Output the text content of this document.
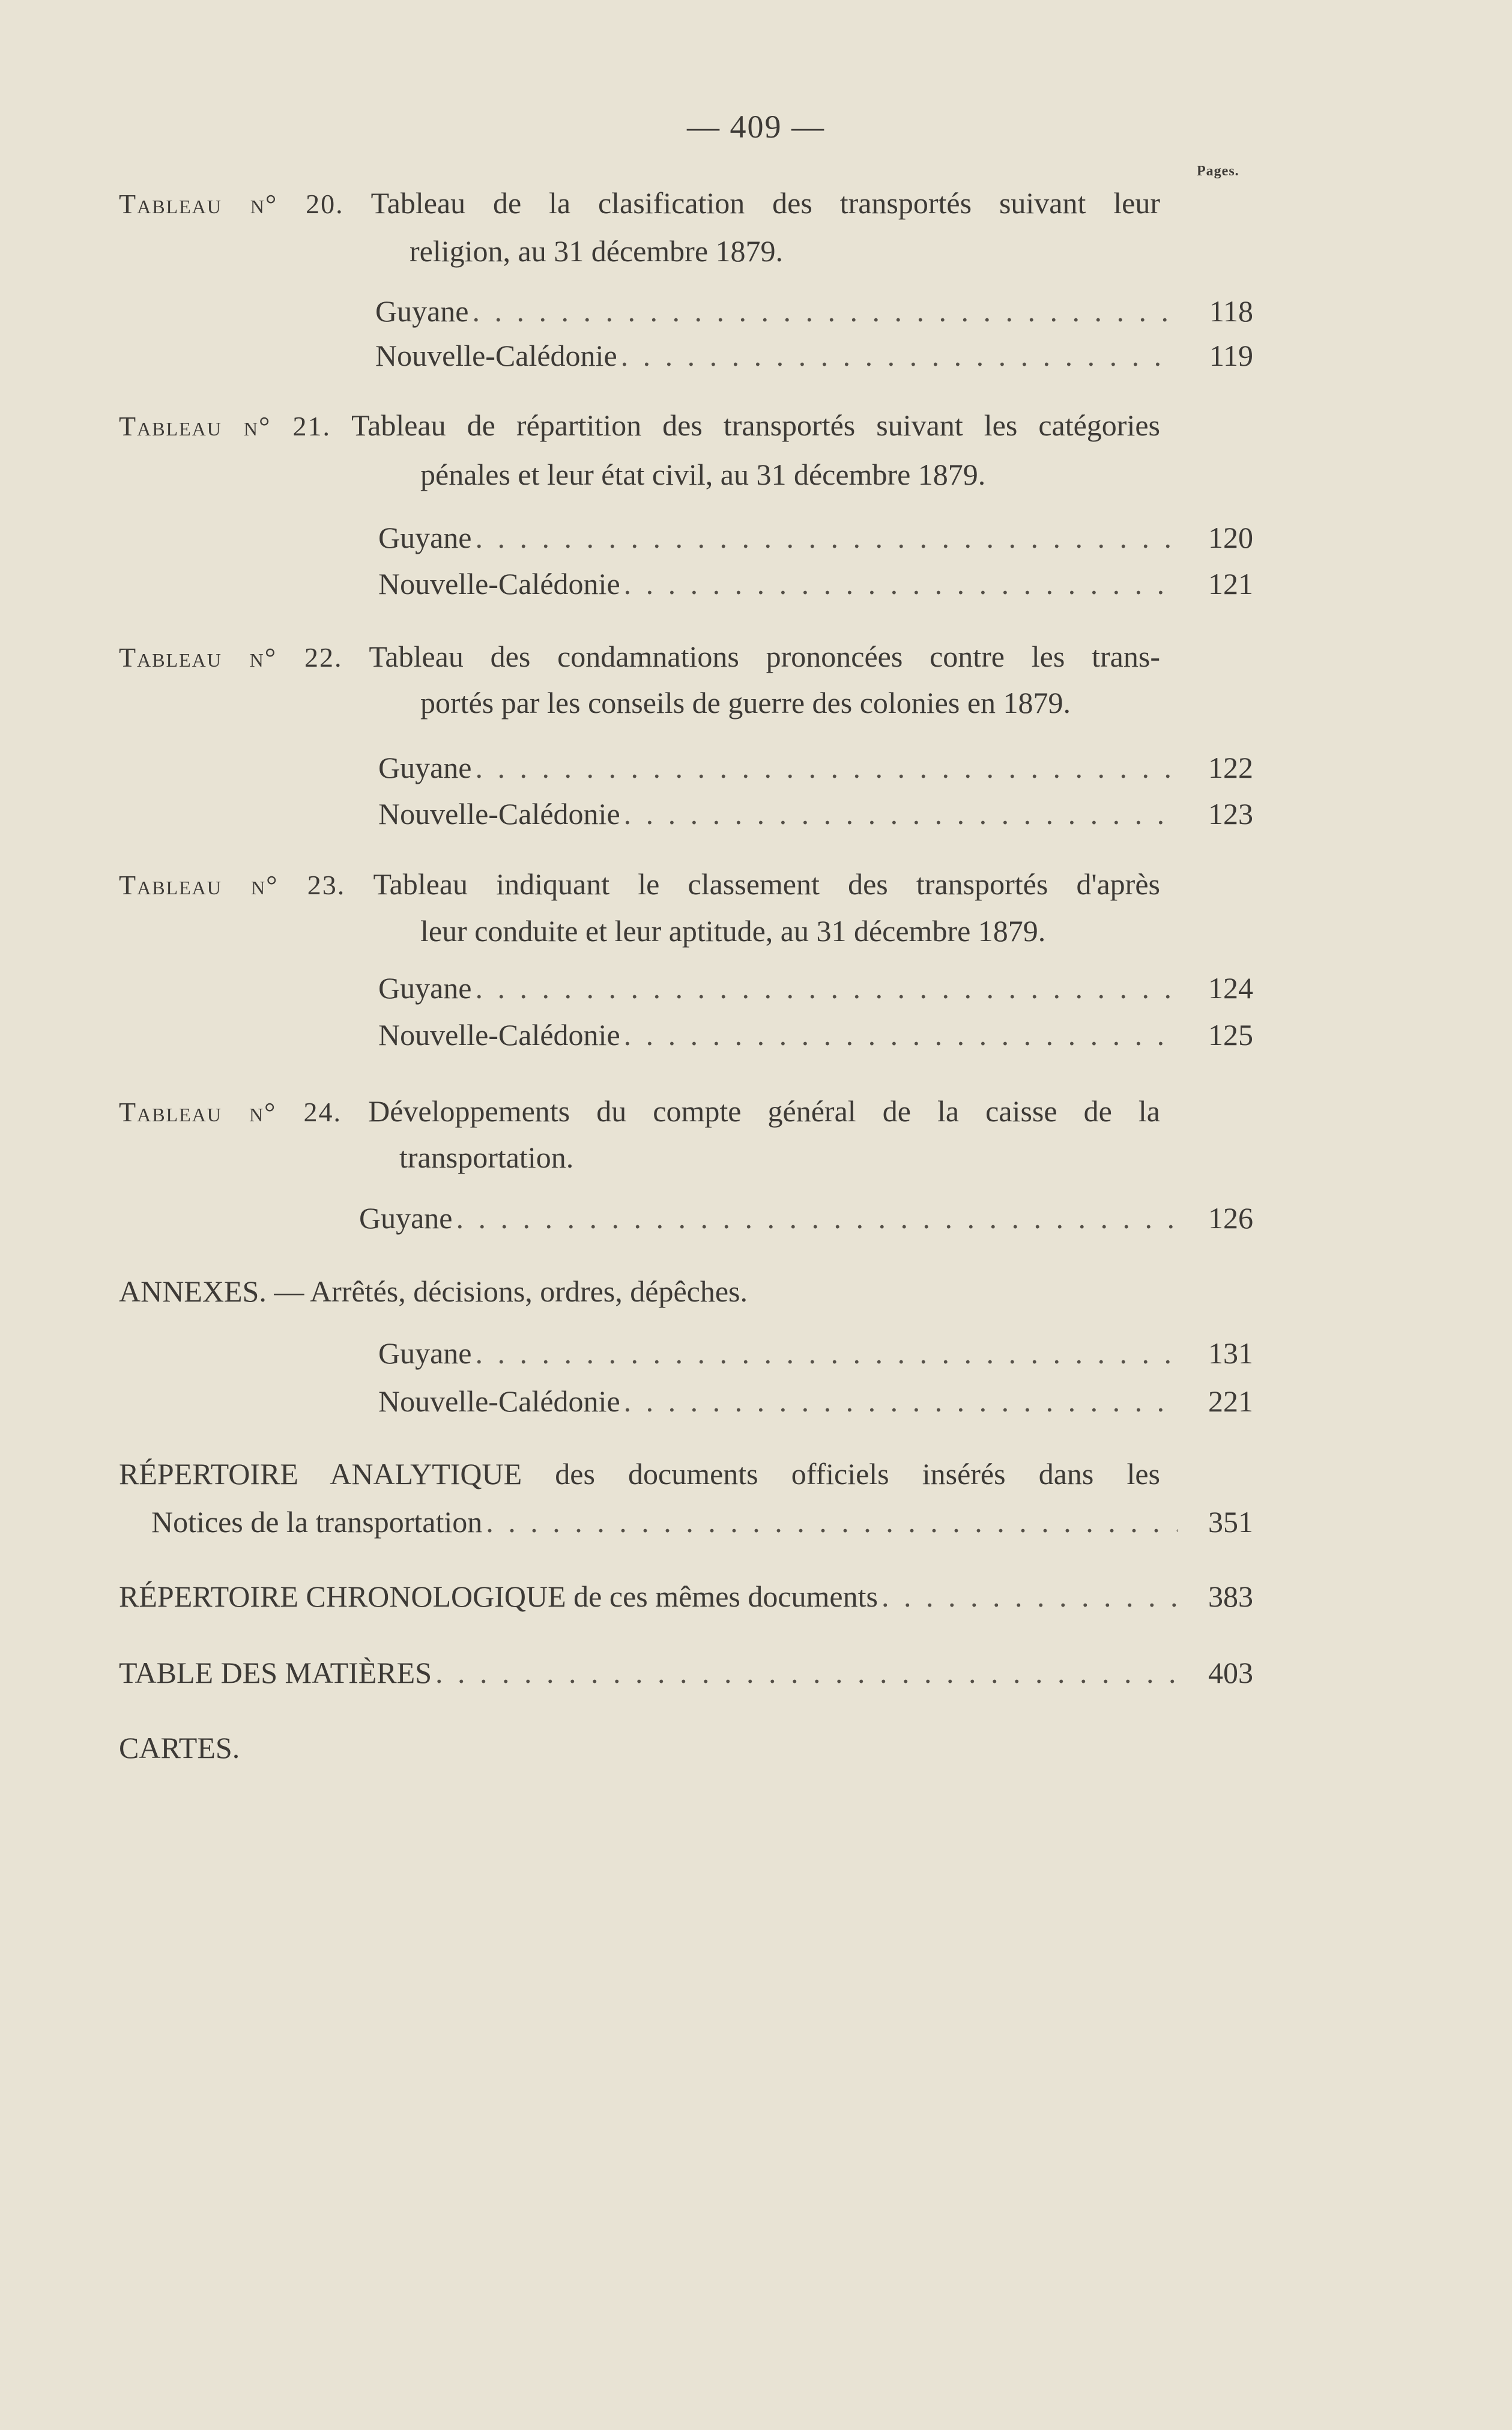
— 409 —
Pages.
Tableau n° 20. Tableau de la clasification des transportés suivant leur
religion, au 31 décembre 1879.
Guyane . . .	118
Nouvelle-Calédonie . . .	119
Tableau n° 21. Tableau de répartition des transportés suivant les catégories
pénales et leur état civil, au 31 décembre 1879.
Guyane . . .	120
Nouvelle-Calédonie . . .	121
Tableau n° 22. Tableau des condamnations prononcées contre les trans-
portés par les conseils de guerre des colonies en 1879.
Guyane . . .	122
Nouvelle-Calédonie . . .	123
Tableau n° 23. Tableau indiquant le classement des transportés d'après
leur conduite et leur aptitude, au 31 décembre 1879.
Guyane . . .	124
Nouvelle-Calédonie . . .	125
Tableau n° 24. Développements du compte général de la caisse de la
transportation.
Guyane . . .	126
ANNEXES. — Arrêtés, décisions, ordres, dépêches.
Guyane . . .	131
Nouvelle-Calédonie . . .	221
RÉPERTOIRE ANALYTIQUE des documents officiels insérés dans les
Notices de la transportation . . .	351
RÉPERTOIRE CHRONOLOGIQUE de ces mêmes documents . . .	383
TABLE DES MATIÈRES . . .	403
CARTES.
